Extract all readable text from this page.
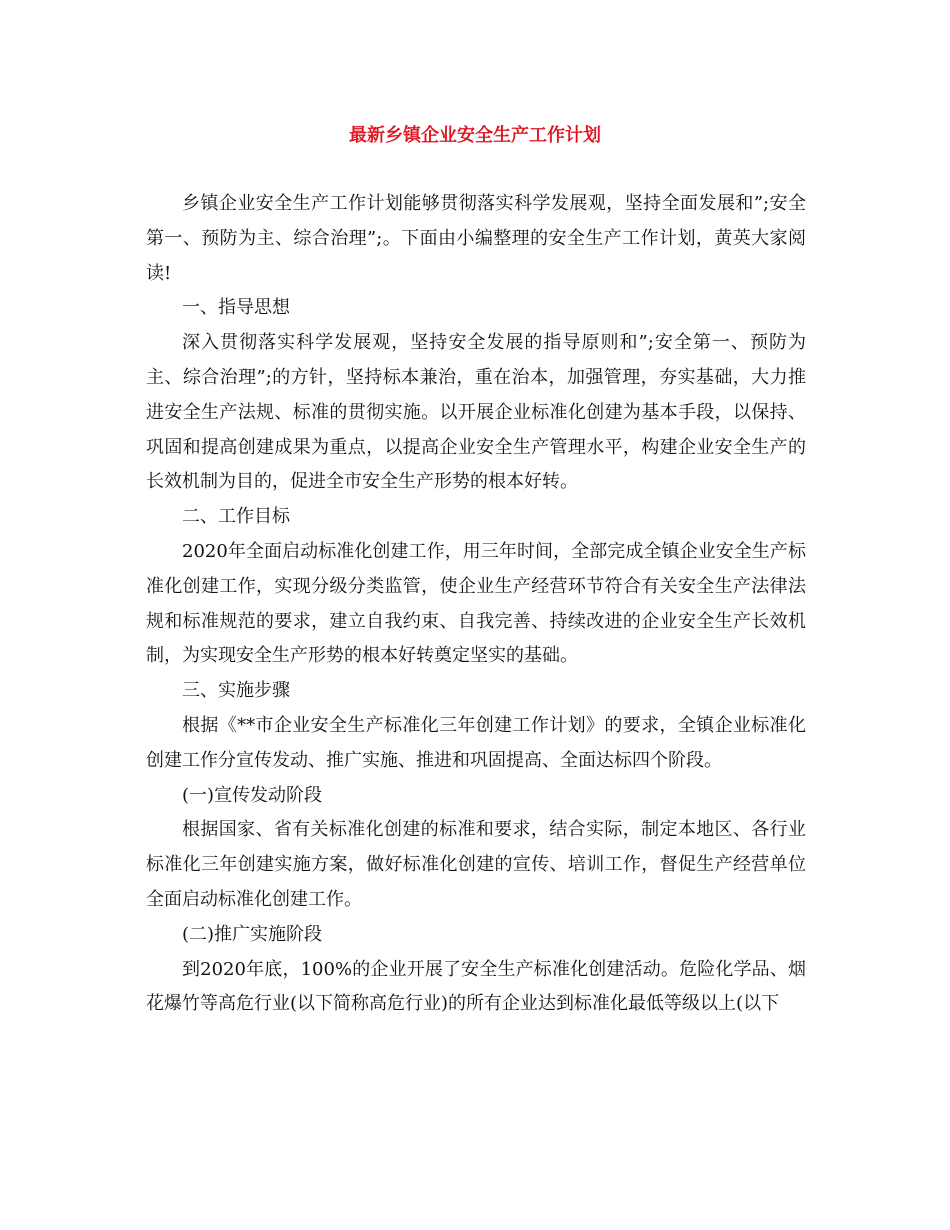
最新乡镇企业安全生产工作计划

乡镇企业安全生产工作计划能够贯彻落实科学发展观，坚持全面发展和”;安全第一、预防为主、综合治理”;。下面由小编整理的安全生产工作计划，黄英大家阅读!

一、指导思想

深入贯彻落实科学发展观，坚持安全发展的指导原则和”;安全第一、预防为主、综合治理”;的方针，坚持标本兼治，重在治本，加强管理，夯实基础，大力推进安全生产法规、标准的贯彻实施。以开展企业标准化创建为基本手段，以保持、巩固和提高创建成果为重点，以提高企业安全生产管理水平，构建企业安全生产的长效机制为目的，促进全市安全生产形势的根本好转。

二、工作目标

2020年全面启动标准化创建工作，用三年时间，全部完成全镇企业安全生产标准化创建工作，实现分级分类监管，使企业生产经营环节符合有关安全生产法律法规和标准规范的要求，建立自我约束、自我完善、持续改进的企业安全生产长效机制，为实现安全生产形势的根本好转奠定坚实的基础。

三、实施步骤

根据《**市企业安全生产标准化三年创建工作计划》的要求，全镇企业标准化创建工作分宣传发动、推广实施、推进和巩固提高、全面达标四个阶段。

(一)宣传发动阶段

根据国家、省有关标准化创建的标准和要求，结合实际，制定本地区、各行业标准化三年创建实施方案，做好标准化创建的宣传、培训工作，督促生产经营单位全面启动标准化创建工作。

(二)推广实施阶段

到2020年底，100%的企业开展了安全生产标准化创建活动。危险化学品、烟花爆竹等高危行业(以下简称高危行业)的所有企业达到标准化最低等级以上(以下
